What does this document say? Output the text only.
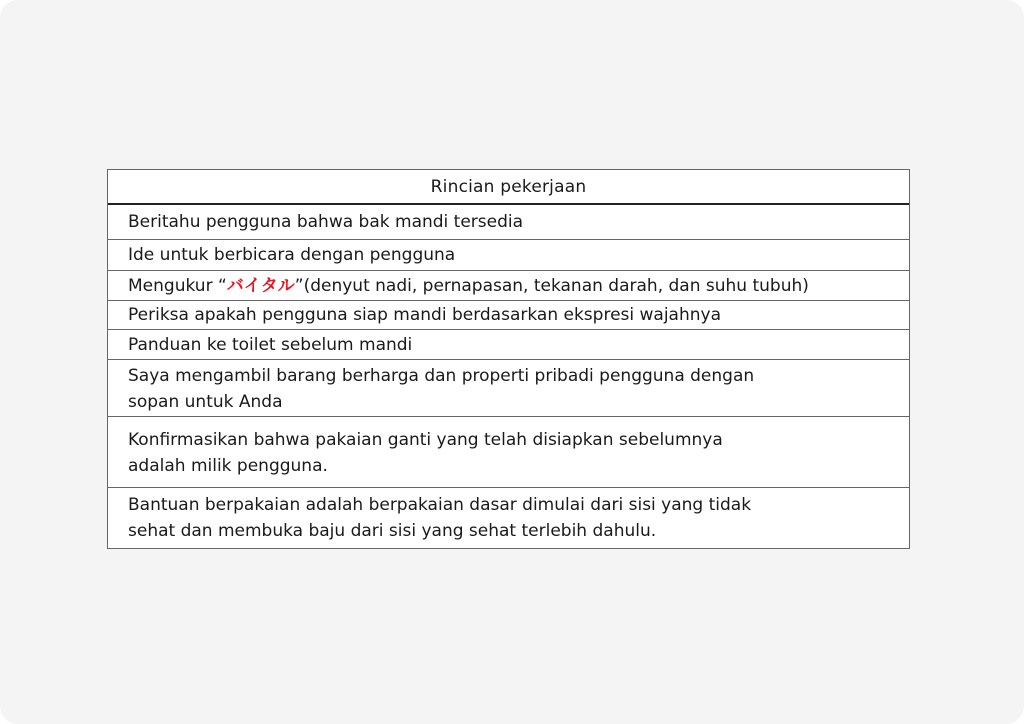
Rincian pekerjaan
Beritahu pengguna bahwa bak mandi tersedia
Ide untuk berbicara dengan pengguna
Mengukur “ バイタル ”(denyut nadi, pernapasan, tekanan darah, dan suhu tubuh)
Periksa apakah pengguna siap mandi berdasarkan ekspresi wajahnya
Panduan ke toilet sebelum mandi
Saya mengambil barang berharga dan properti pribadi pengguna dengan
sopan untuk Anda
Konfirmasikan bahwa pakaian ganti yang telah disiapkan sebelumnya
adalah milik pengguna.
Bantuan berpakaian adalah berpakaian dasar dimulai dari sisi yang tidak
sehat dan membuka baju dari sisi yang sehat terlebih dahulu.
